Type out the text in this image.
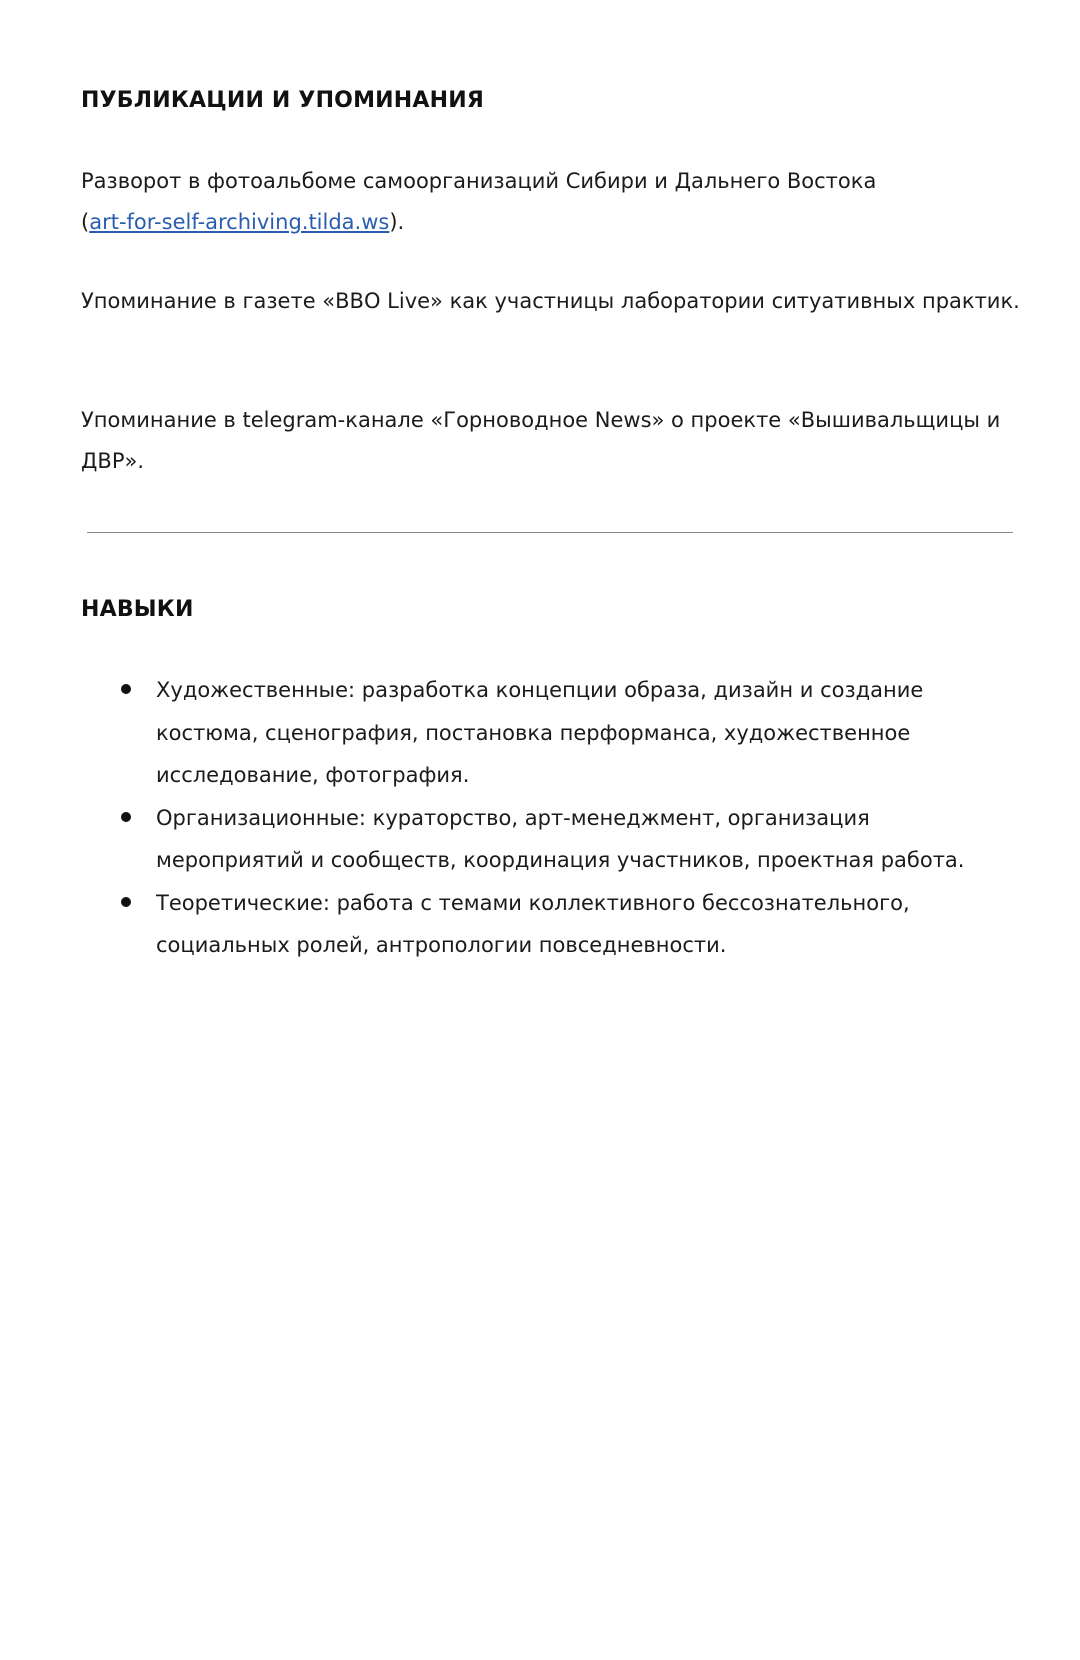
ПУБЛИКАЦИИ И УПОМИНАНИЯ

Разворот в фотоальбоме самоорганизаций Сибири и Дальнего Востока
(art-for-self-archiving.tilda.ws).

Упоминание в газете «ВВО Live» как участницы лаборатории ситуативных практик.

Упоминание в telegram-канале «Горноводное News» о проекте «Вышивальщицы и ДВР».

НАВЫКИ
Художественные: разработка концепции образа, дизайн и создание костюма, сценография, постановка перформанса, художественное исследование, фотография.
Организационные: кураторство, арт-менеджмент, организация мероприятий и сообществ, координация участников, проектная работа.
Теоретические: работа с темами коллективного бессознательного, социальных ролей, антропологии повседневности.
